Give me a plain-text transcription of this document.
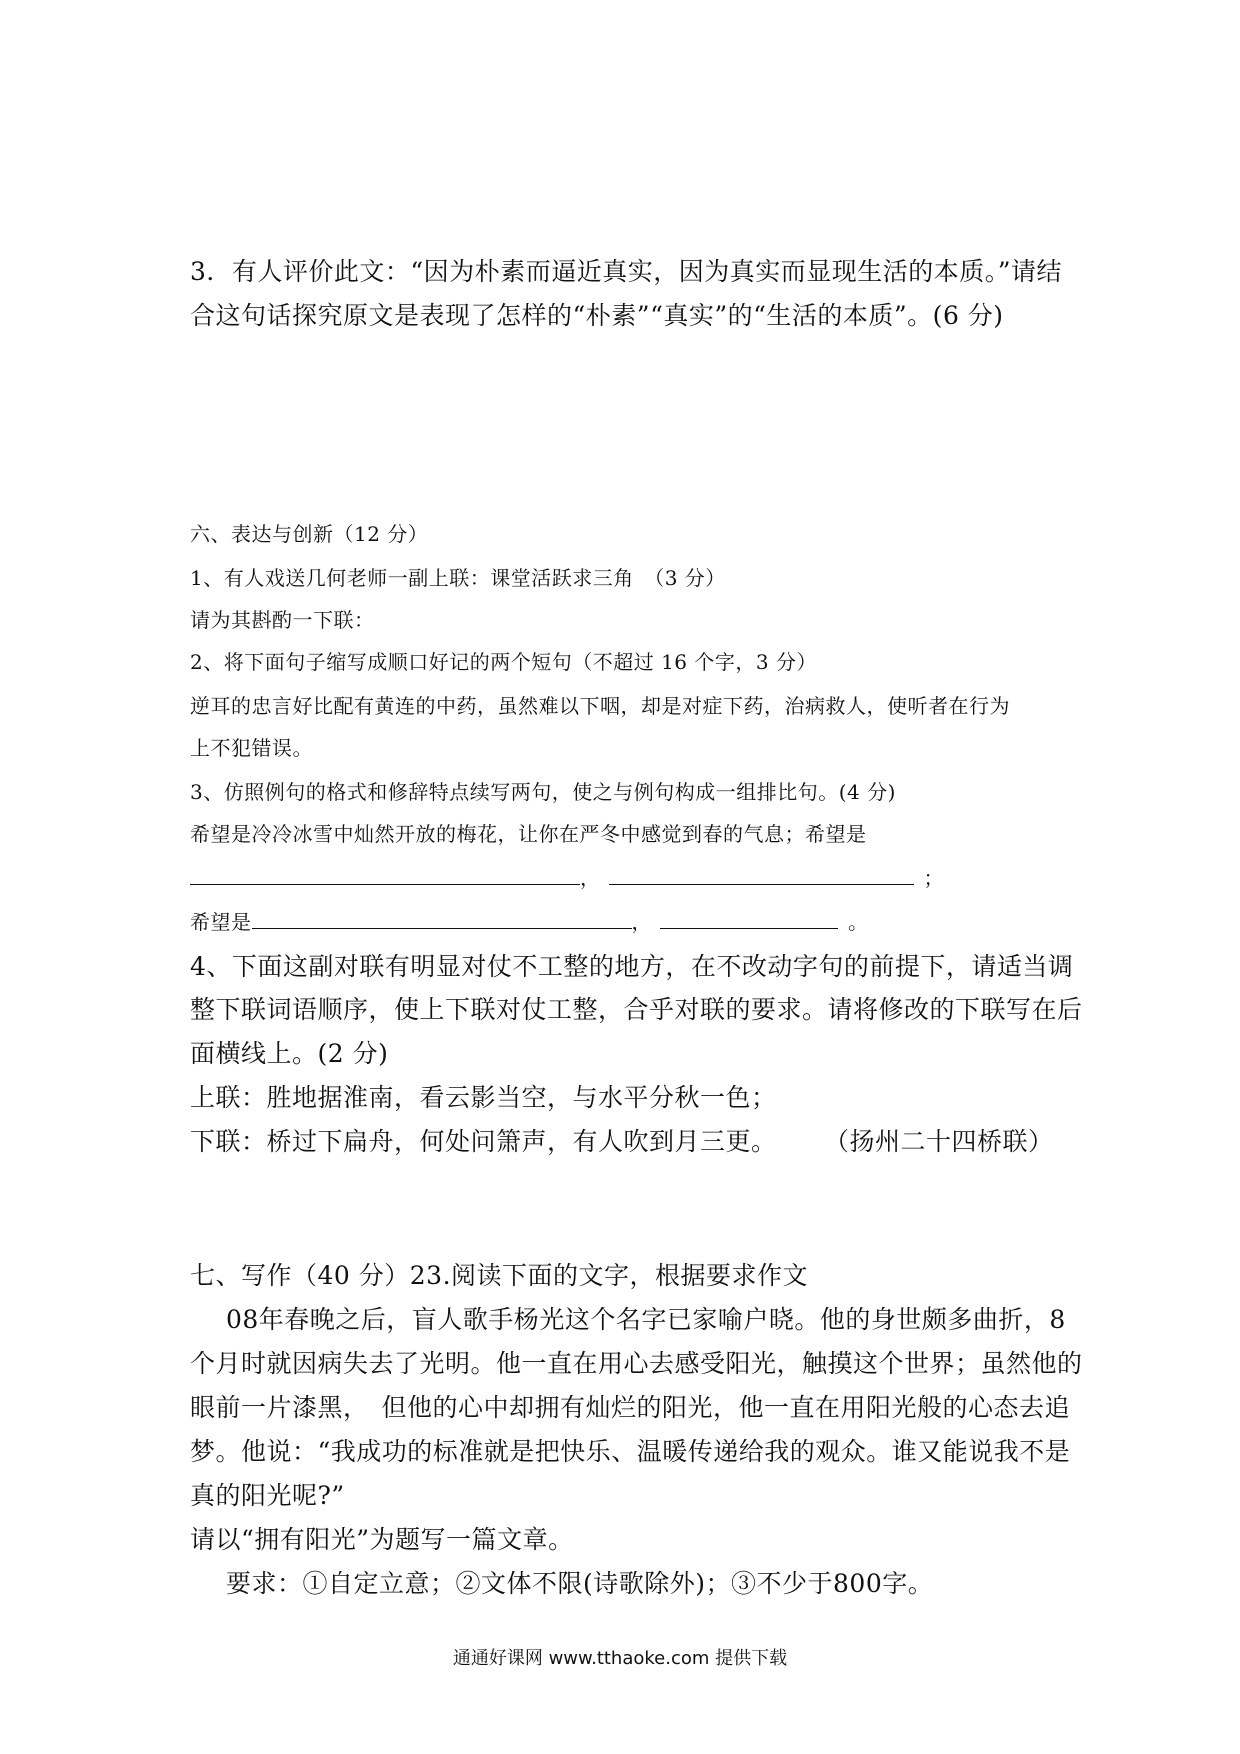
3．有人评价此文：“因为朴素而逼近真实，因为真实而显现生活的本质。”请结
合这句话探究原文是表现了怎样的“朴素”“真实”的“生活的本质”。(6 分)
六、表达与创新（12 分）
1、有人戏送几何老师一副上联：课堂活跃求三角　（3 分）
请为其斟酌一下联：
2、将下面句子缩写成顺口好记的两个短句（不超过 16 个字，3 分）
逆耳的忠言好比配有黄连的中药，虽然难以下咽，却是对症下药，治病救人，使听者在行为
上不犯错误。
3、仿照例句的格式和修辞特点续写两句，使之与例句构成一组排比句。(4 分)
希望是冷冷冰雪中灿然开放的梅花，让你在严冬中感觉到春的气息；希望是
，	；
希望是	，	。
4、下面这副对联有明显对仗不工整的地方，在不改动字句的前提下，请适当调
整下联词语顺序，使上下联对仗工整，合乎对联的要求。请将修改的下联写在后
面横线上。(2 分)
上联：胜地据淮南，看云影当空，与水平分秋一色；
下联：桥过下扁舟，何处问箫声，有人吹到月三更。 （扬州二十四桥联）
七、写作（40 分）23.阅读下面的文字，根据要求作文
08年春晚之后，盲人歌手杨光这个名字已家喻户晓。他的身世颇多曲折，8
个月时就因病失去了光明。他一直在用心去感受阳光，触摸这个世界；虽然他的
眼前一片漆黑，　但他的心中却拥有灿烂的阳光，他一直在用阳光般的心态去追
梦。他说：“我成功的标准就是把快乐、温暖传递给我的观众。谁又能说我不是
真的阳光呢?”
请以“拥有阳光”为题写一篇文章。
要求：①自定立意；②文体不限(诗歌除外)；③不少于800字。
通通好课网 www.tthaoke.com 提供下载
